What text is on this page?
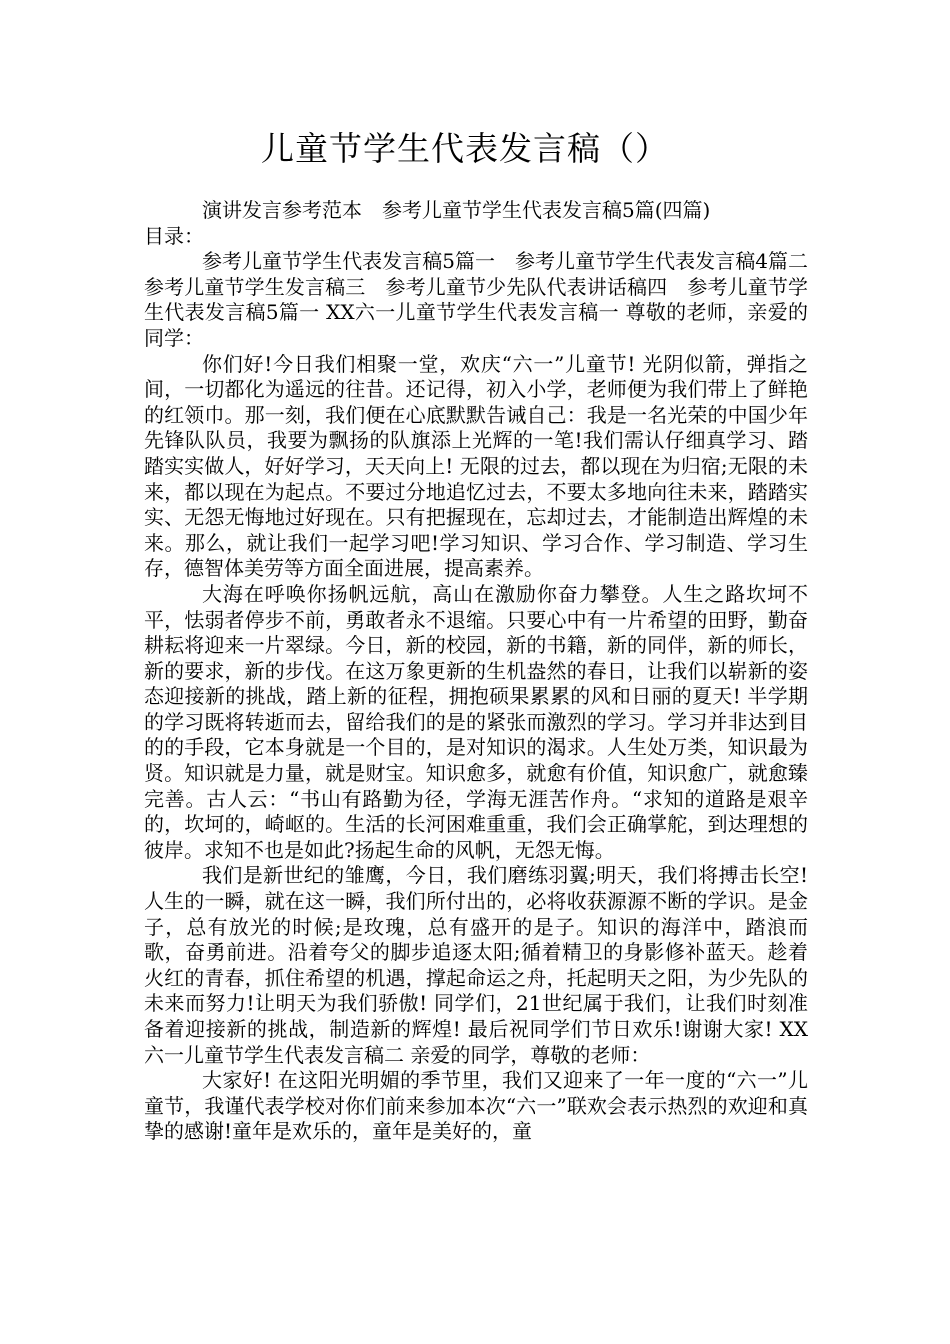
儿童节学生代表发言稿（）

演讲发言参考范本　参考儿童节学生代表发言稿5篇(四篇)

目录：

参考儿童节学生代表发言稿5篇一　参考儿童节学生代表发言稿4篇二　参考儿童节学生发言稿三　参考儿童节少先队代表讲话稿四　参考儿童节学生代表发言稿5篇一 XX六一儿童节学生代表发言稿一 尊敬的老师，亲爱的同学：

你们好!今日我们相聚一堂，欢庆“六一”儿童节! 光阴似箭，弹指之间，一切都化为遥远的往昔。还记得，初入小学，老师便为我们带上了鲜艳的红领巾。那一刻，我们便在心底默默告诫自己：我是一名光荣的中国少年先锋队队员，我要为飘扬的队旗添上光辉的一笔!我们需认仔细真学习、踏踏实实做人，好好学习，天天向上! 无限的过去，都以现在为归宿;无限的未来，都以现在为起点。不要过分地追忆过去，不要太多地向往未来，踏踏实实、无怨无悔地过好现在。只有把握现在，忘却过去，才能制造出辉煌的未来。那么，就让我们一起学习吧!学习知识、学习合作、学习制造、学习生存，德智体美劳等方面全面进展，提高素养。

大海在呼唤你扬帆远航，高山在激励你奋力攀登。人生之路坎坷不平，怯弱者停步不前，勇敢者永不退缩。只要心中有一片希望的田野，勤奋耕耘将迎来一片翠绿。今日，新的校园，新的书籍，新的同伴，新的师长，新的要求，新的步伐。在这万象更新的生机盎然的春日，让我们以崭新的姿态迎接新的挑战，踏上新的征程，拥抱硕果累累的风和日丽的夏天! 半学期的学习既将转逝而去，留给我们的是的紧张而激烈的学习。学习并非达到目的的手段，它本身就是一个目的，是对知识的渴求。人生处万类，知识最为贤。知识就是力量，就是财宝。知识愈多，就愈有价值，知识愈广，就愈臻完善。古人云：“书山有路勤为径，学海无涯苦作舟。“求知的道路是艰辛的，坎坷的，崎岖的。生活的长河困难重重，我们会正确掌舵，到达理想的彼岸。求知不也是如此?扬起生命的风帆，无怨无悔。

我们是新世纪的雏鹰，今日，我们磨练羽翼;明天，我们将搏击长空!人生的一瞬，就在这一瞬，我们所付出的，必将收获源源不断的学识。是金子，总有放光的时候;是玫瑰，总有盛开的是子。知识的海洋中，踏浪而歌，奋勇前进。沿着夸父的脚步追逐太阳;循着精卫的身影修补蓝天。趁着火红的青春，抓住希望的机遇，撑起命运之舟，托起明天之阳，为少先队的未来而努力!让明天为我们骄傲! 同学们，21世纪属于我们，让我们时刻准备着迎接新的挑战，制造新的辉煌! 最后祝同学们节日欢乐!谢谢大家! XX六一儿童节学生代表发言稿二 亲爱的同学，尊敬的老师：

大家好! 在这阳光明媚的季节里，我们又迎来了一年一度的“六一”儿童节，我谨代表学校对你们前来参加本次“六一”联欢会表示热烈的欢迎和真挚的感谢!童年是欢乐的，童年是美好的，童
